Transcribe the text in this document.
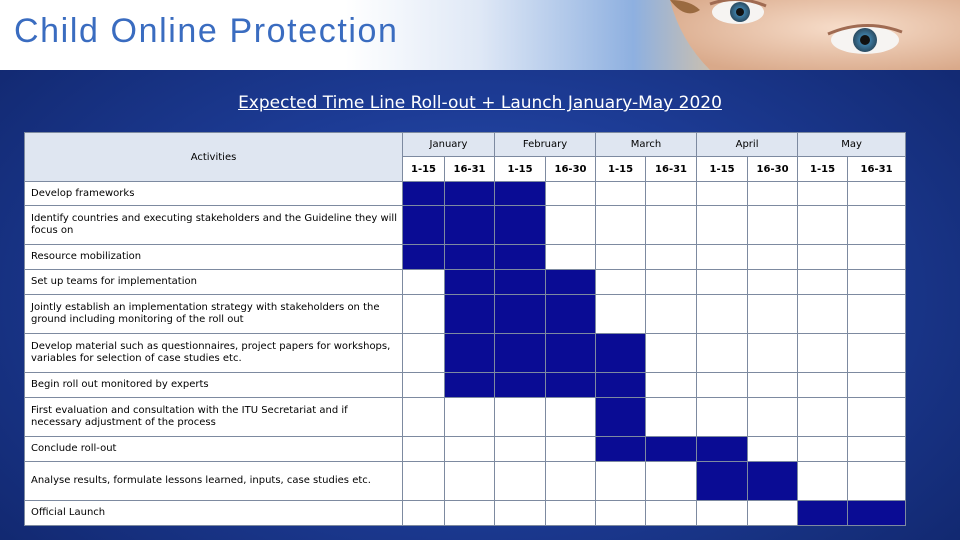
Child Online Protection
Expected Time Line Roll-out + Launch January-May 2020
Activities	January		February		March		April		May	
	1-15	16-31	1-15	16-30	1-15	16-31	1-15	16-30	1-15	16-31
Develop frameworks										
Identify countries and executing stakeholders and the Guideline they will focus on										
Resource mobilization										
Set up teams for implementation										
Jointly establish an implementation strategy with stakeholders on the ground including monitoring of the roll out										
Develop material such as questionnaires, project papers for workshops, variables for selection of case studies etc.										
Begin roll out monitored by experts										
First evaluation and consultation with the ITU Secretariat and if necessary adjustment of the process										
Conclude roll-out										
Analyse results, formulate lessons learned, inputs, case studies etc.										
Official Launch										
